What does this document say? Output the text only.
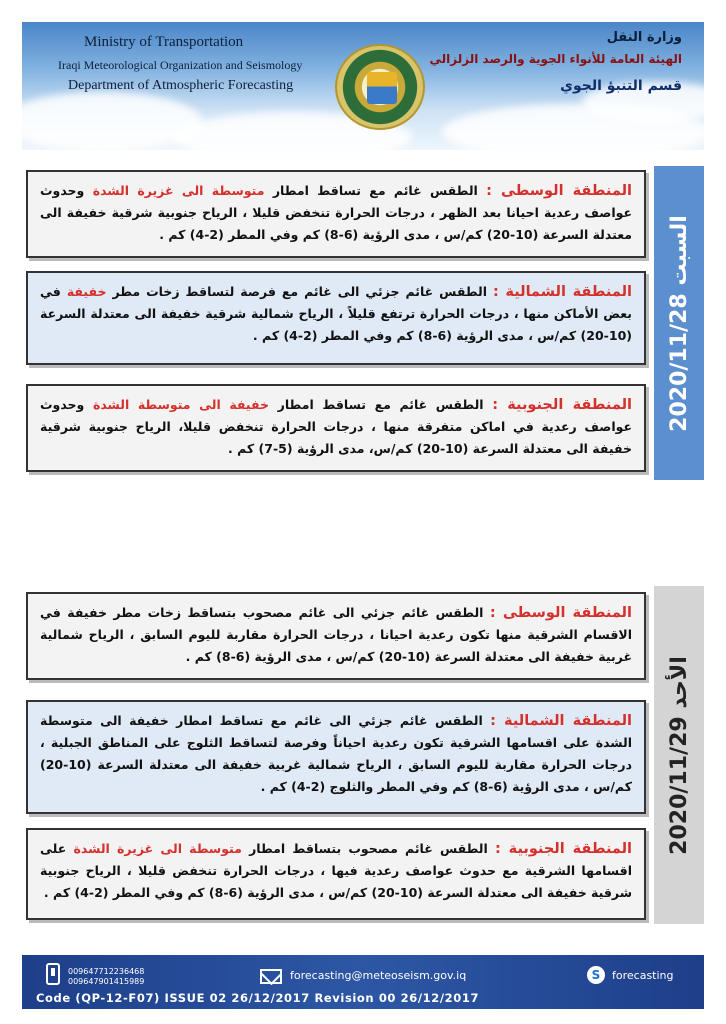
Ministry of Transportation
Iraqi Meteorological Organization and Seismology
Department of Atmospheric Forecasting
وزارة النقل
الهيئة العامة للأنواء الجوية والرصد الزلزالي
قسم التنبؤ الجوي
السبت 2020/11/28
المنطقة الوسطى : الطقس غائم مع تساقط امطار متوسطة الى غزيرة الشدة وحدوث عواصف رعدية احيانا بعد الظهر ، درجات الحرارة تنخفض قليلا ، الرياح جنوبية شرقية خفيفة الى معتدلة السرعة (10-20) كم/س ، مدى الرؤية (6-8) كم وفي المطر (2-4) كم .
المنطقة الشمالية : الطقس غائم جزئي الى غائم مع فرصة لتساقط زخات مطر خفيفة في بعض الأماكن منها ، درجات الحرارة ترتفع قليلاً ، الرياح شمالية شرقية خفيفة الى معتدلة السرعة (10-20) كم/س ، مدى الرؤية (6-8) كم وفي المطر (2-4) كم .
المنطقة الجنوبية : الطقس غائم مع تساقط امطار خفيفة الى متوسطة الشدة وحدوث عواصف رعدية في اماكن متفرقة منها ، درجات الحرارة تنخفض قليلا، الرياح جنوبية شرقية خفيفة الى معتدلة السرعة (10-20) كم/س، مدى الرؤية (5-7) كم .
الأحد 2020/11/29
المنطقة الوسطى : الطقس غائم جزئي الى غائم مصحوب بتساقط زخات مطر خفيفة في الاقسام الشرقية منها تكون رعدية احيانا ، درجات الحرارة مقاربة لليوم السابق ، الرياح شمالية غربية خفيفة الى معتدلة السرعة (10-20) كم/س ، مدى الرؤية (6-8) كم .
المنطقة الشمالية : الطقس غائم جزئي الى غائم مع تساقط امطار خفيفة الى متوسطة الشدة على اقسامها الشرقية تكون رعدية احياناً وفرصة لتساقط الثلوج على المناطق الجبلية ، درجات الحرارة مقاربة لليوم السابق ، الرياح شمالية غربية خفيفة الى معتدلة السرعة (10-20) كم/س ، مدى الرؤية (6-8) كم وفي المطر والثلوج (2-4) كم .
المنطقة الجنوبية : الطقس غائم مصحوب بتساقط امطار متوسطة الى غزيرة الشدة على اقسامها الشرقية مع حدوث عواصف رعدية فيها ، درجات الحرارة تنخفض قليلا ، الرياح جنوبية شرقية خفيفة الى معتدلة السرعة (10-20) كم/س ، مدى الرؤية (6-8) كم وفي المطر (2-4) كم .
009647712236468
009647901415989	forecasting@meteoseism.gov.iq	S	forecasting
Code (QP-12-F07) ISSUE 02 26/12/2017 Revision 00 26/12/2017
